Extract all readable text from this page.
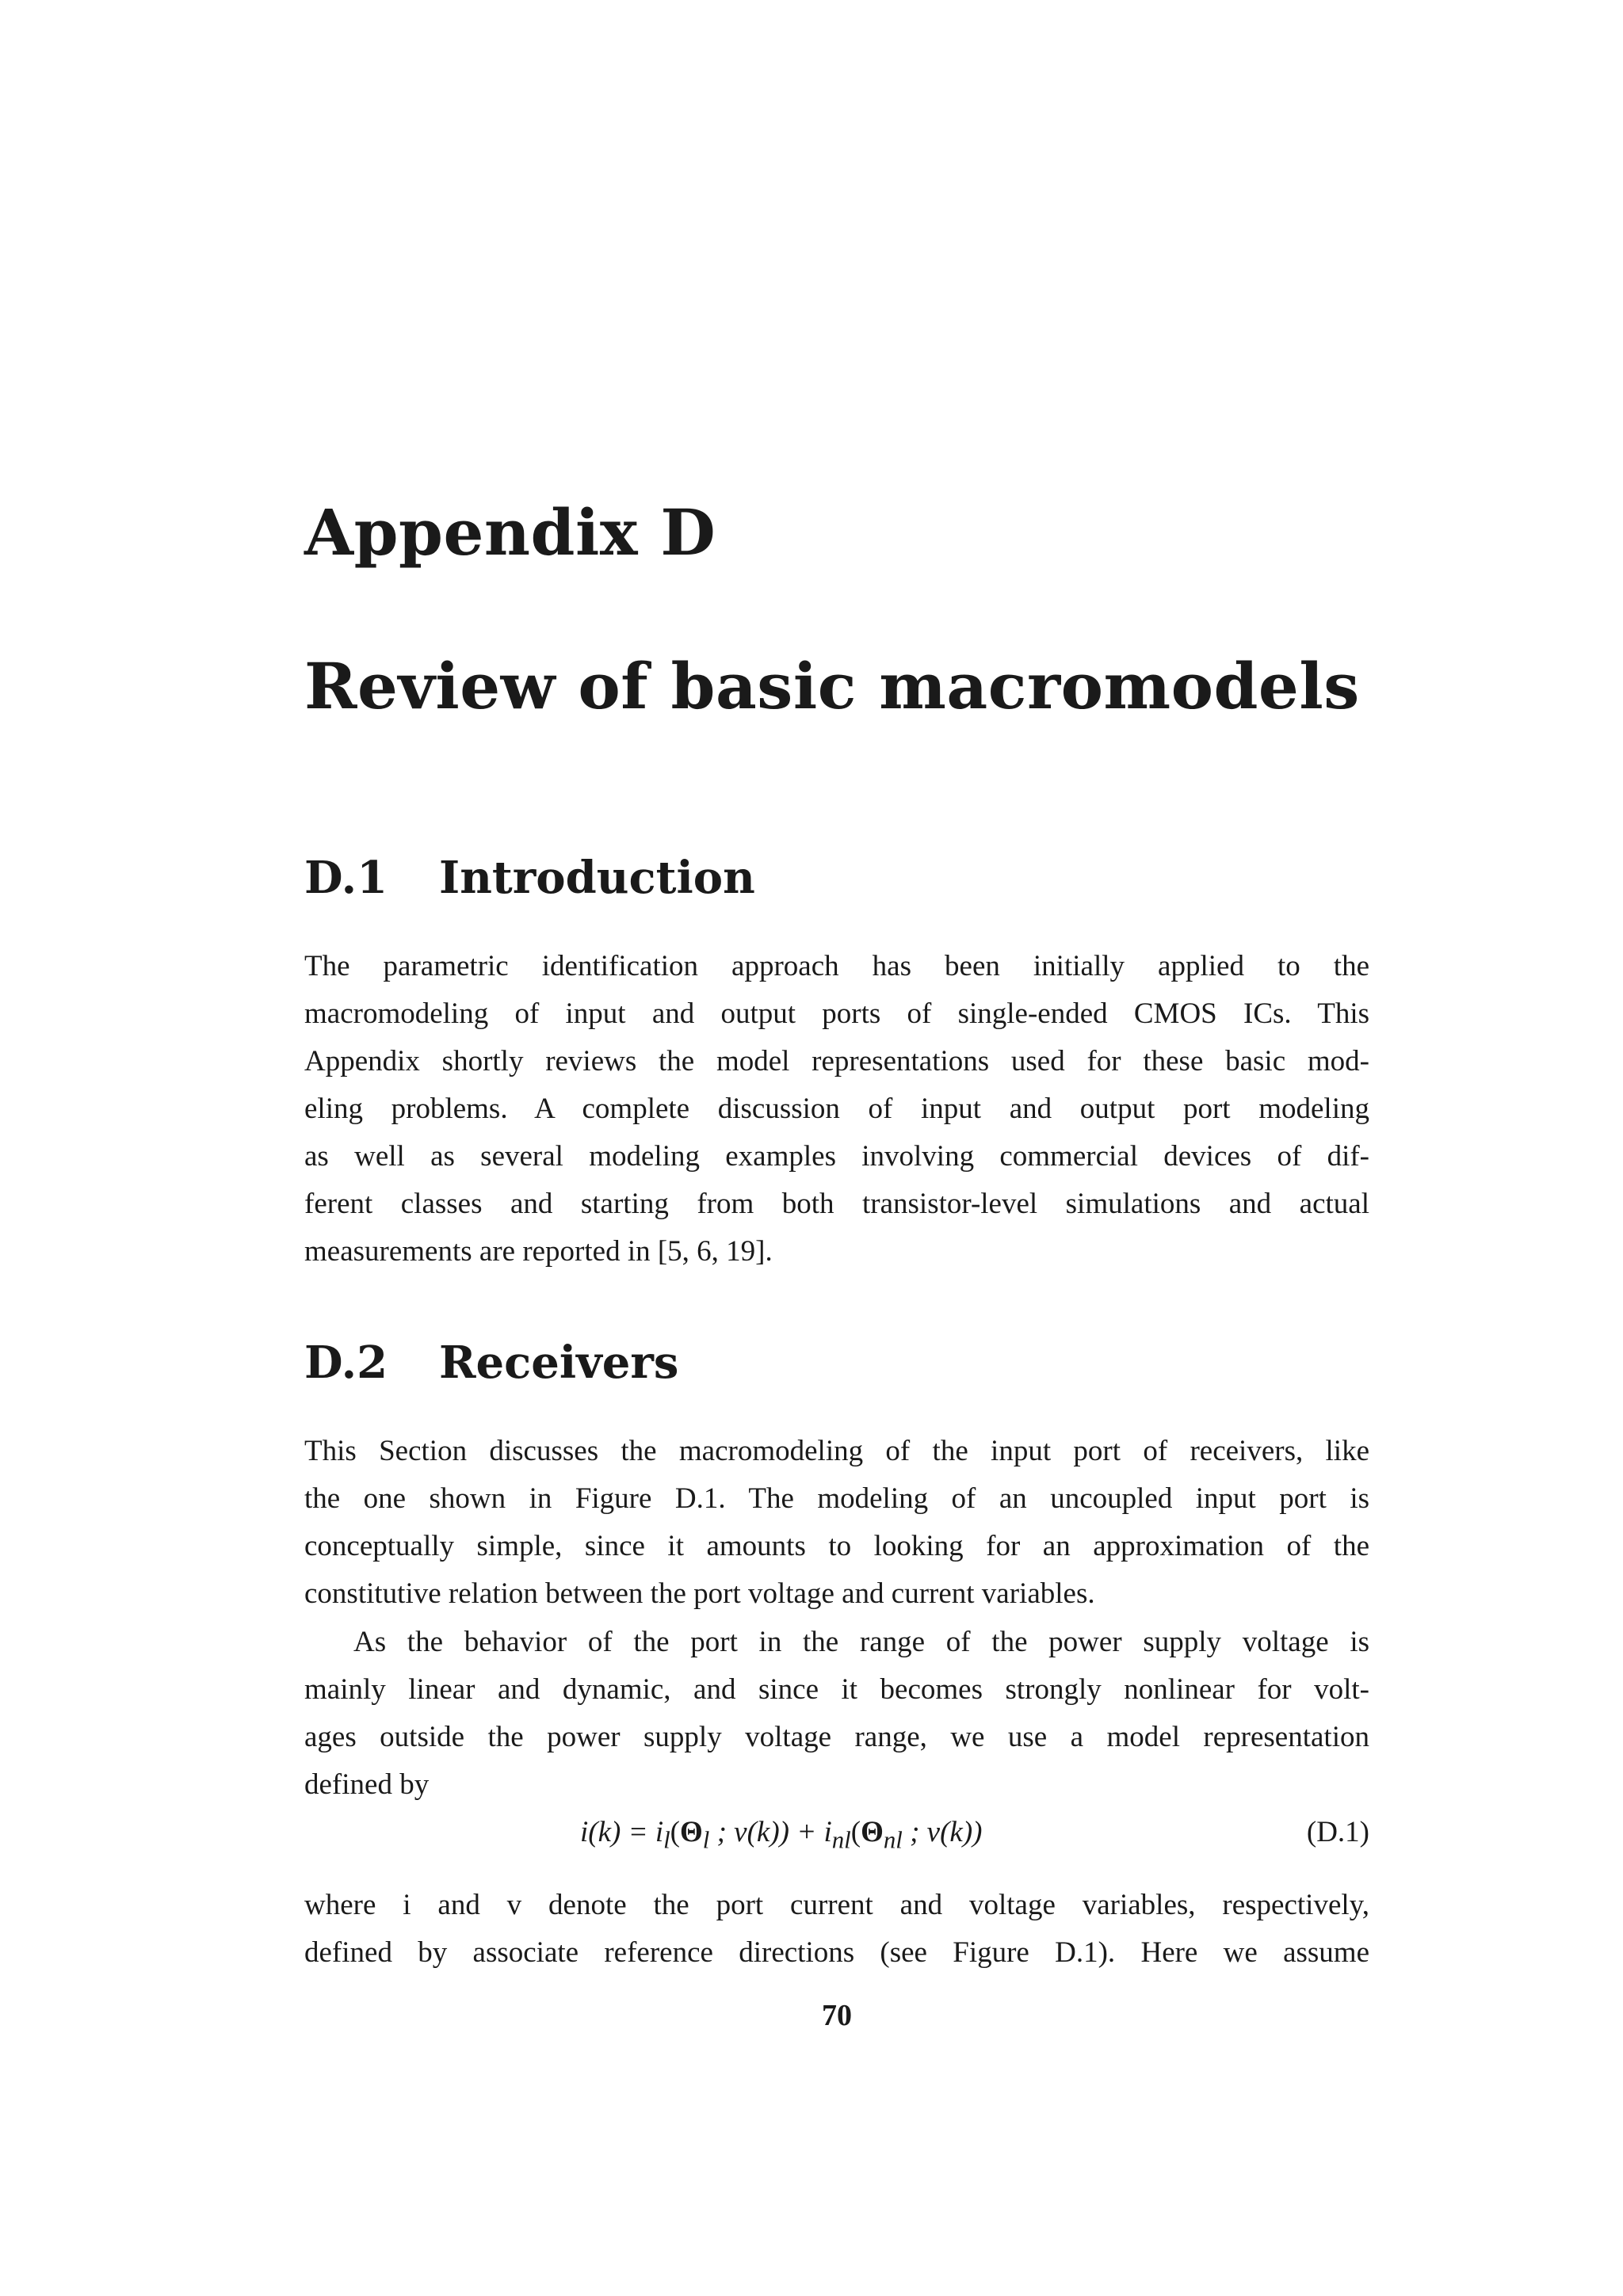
Appendix D
Review of basic macromodels
D.1 Introduction

The parametric identification approach has been initially applied to the
macromodeling of input and output ports of single-ended CMOS ICs. This
Appendix shortly reviews the model representations used for these basic mod-
eling problems. A complete discussion of input and output port modeling
as well as several modeling examples involving commercial devices of dif-
ferent classes and starting from both transistor-level simulations and actual
measurements are reported in [5, 6, 19].

D.2 Receivers

This Section discusses the macromodeling of the input port of receivers, like
the one shown in Figure D.1. The modeling of an uncoupled input port is
conceptually simple, since it amounts to looking for an approximation of the
constitutive relation between the port voltage and current variables.

As the behavior of the port in the range of the power supply voltage is
mainly linear and dynamic, and since it becomes strongly nonlinear for volt-
ages outside the power supply voltage range, we use a model representation
defined by

$i(k) = i_l(\Theta_l$ ; $v(k)) + i_{nl}(\Theta_{nl}$ ; v(k))	(D.1)

where i and v denote the port current and voltage variables, respectively,
defined by associate reference directions (see Figure D.1). Here we assume

70
